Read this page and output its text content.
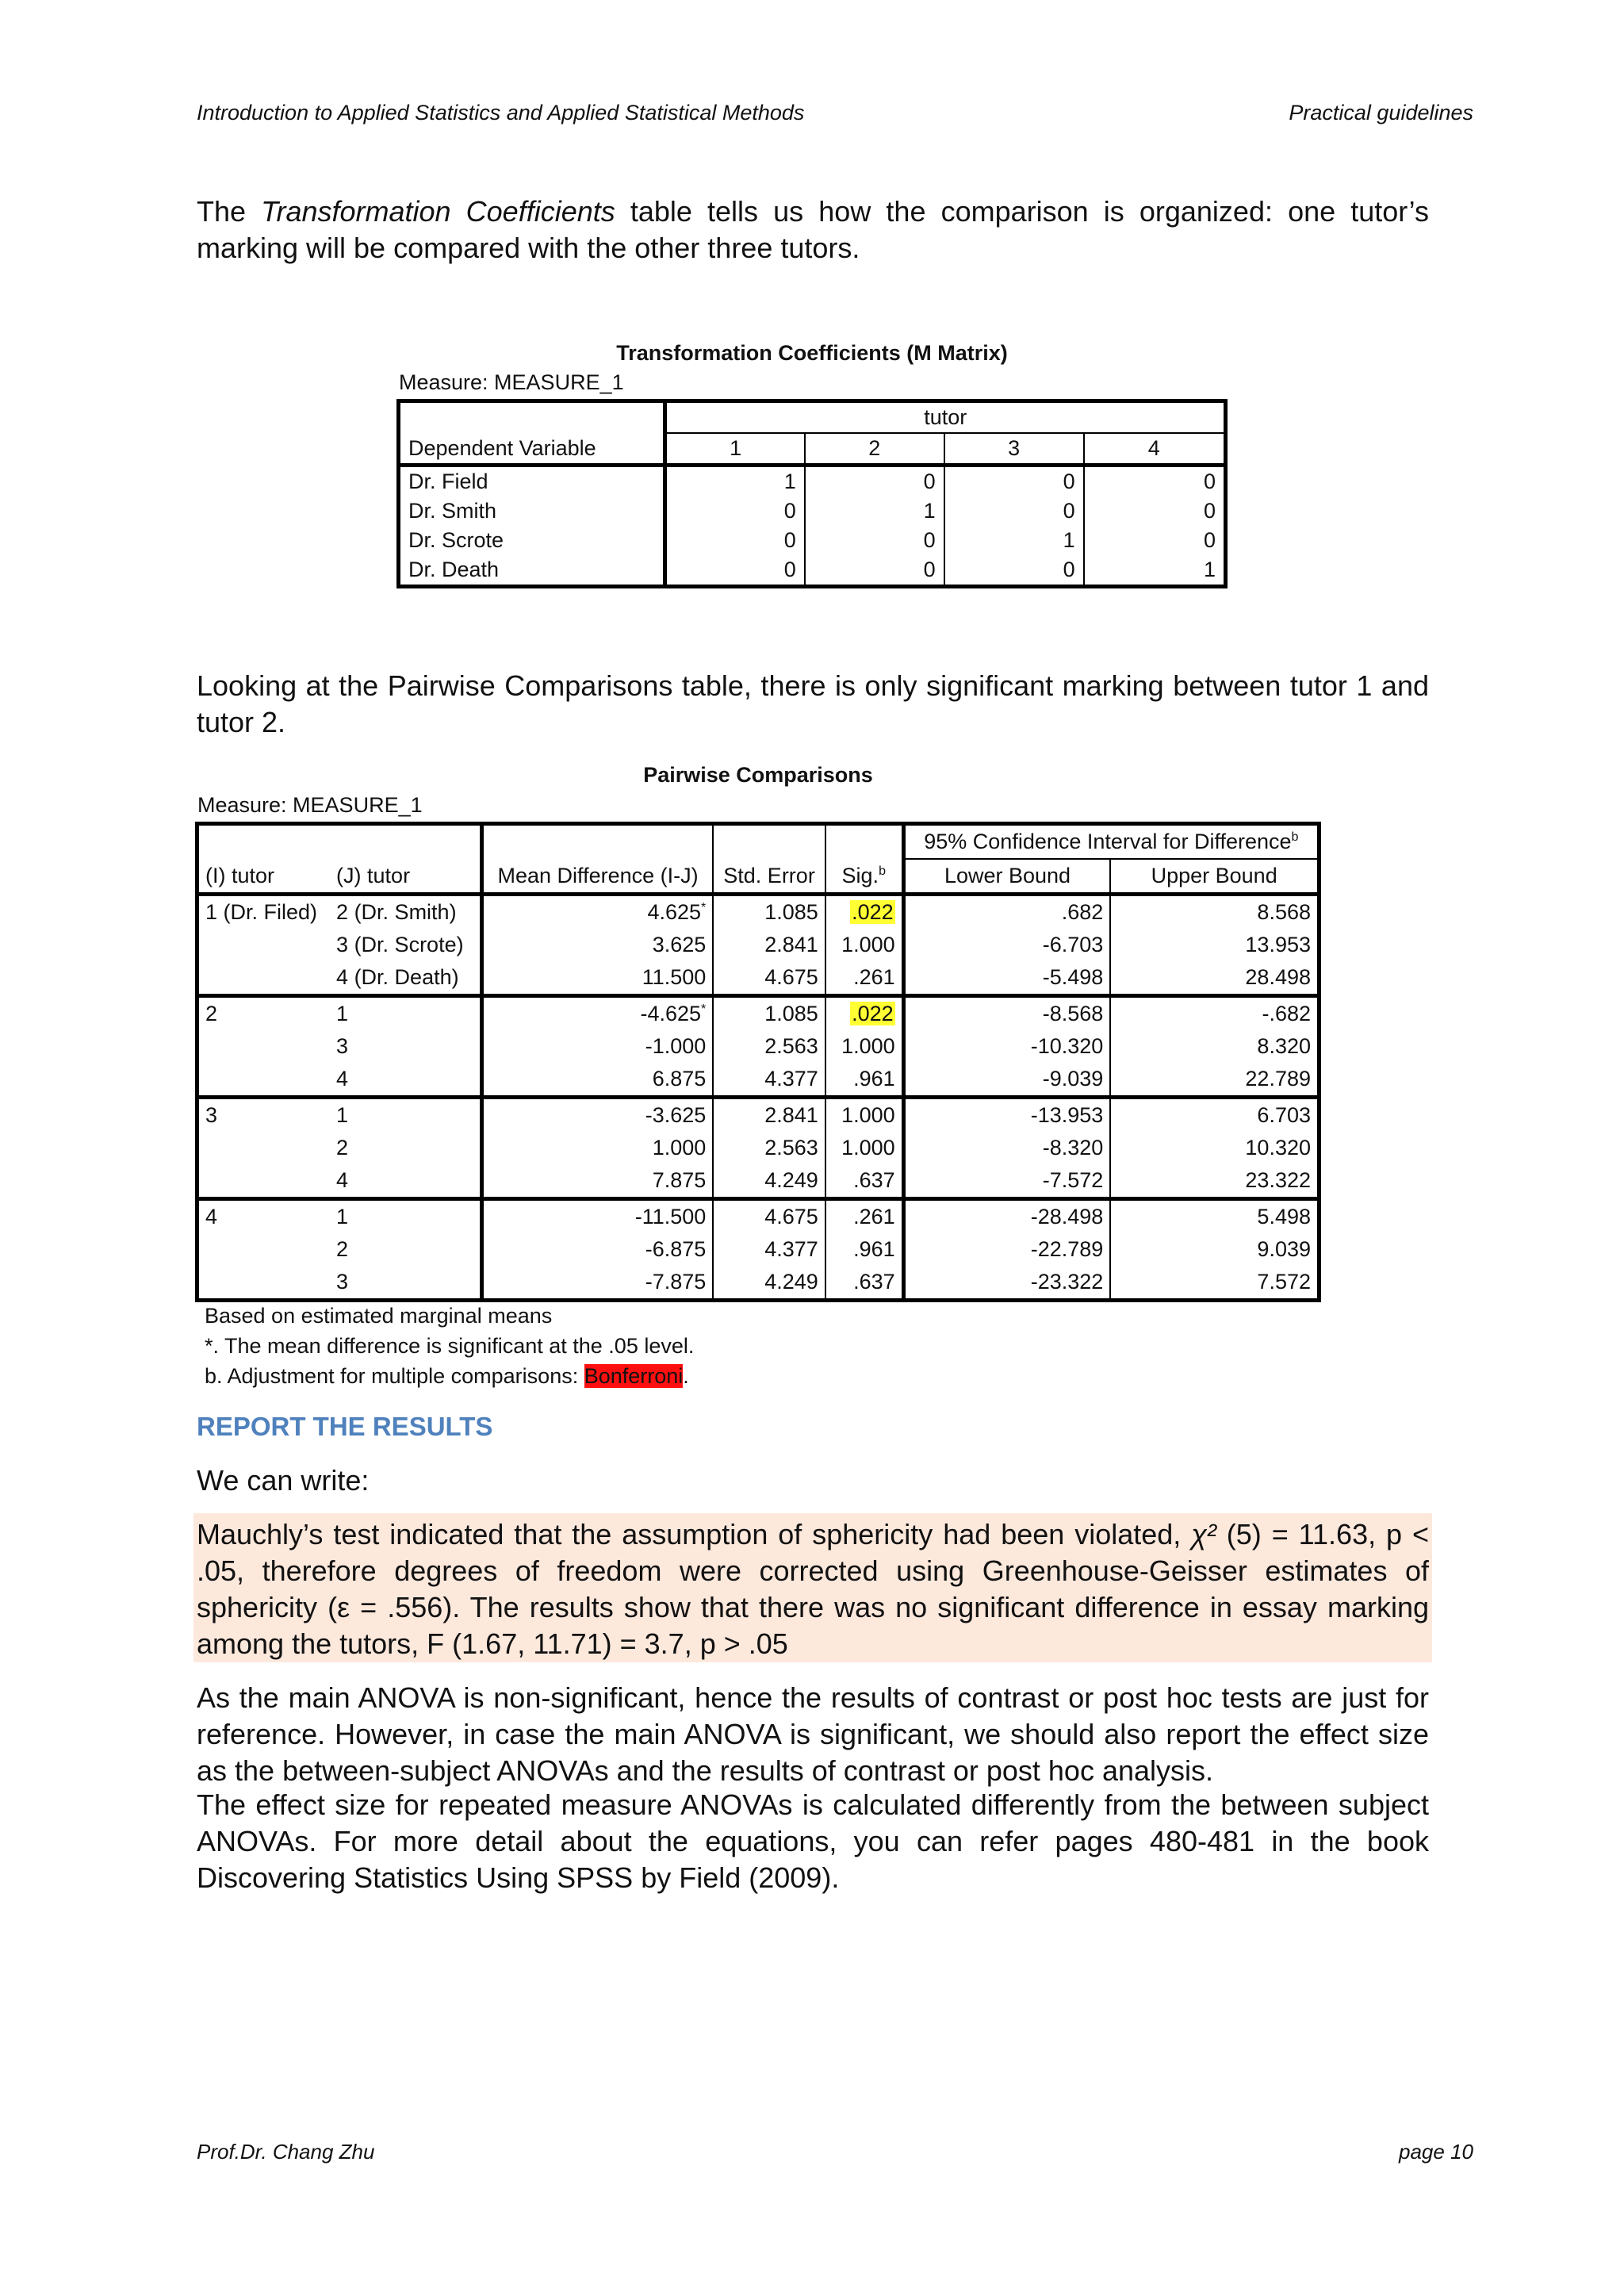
Introduction to Applied Statistics and Applied Statistical Methods	Practical guidelines
The Transformation Coefficients table tells us how the comparison is organized: one tutor’s marking will be compared with the other three tutors.
Transformation Coefficients (M Matrix)
Measure: MEASURE_1
	tutor			
Dependent Variable	1	2	3	4
Dr. Field	1	0	0	0
Dr. Smith	0	1	0	0
Dr. Scrote	0	0	1	0
Dr. Death	0	0	0	1
Looking at the Pairwise Comparisons table, there is only significant marking between tutor 1 and tutor 2.
Pairwise Comparisons
Measure: MEASURE_1
					95% Confidence Interval for Difference$^b$
(I) tutor	(J) tutor	Mean Difference (I-J)	Std. Error	Sig.$^b$	Lower Bound	Upper Bound
1 (Dr. Filed)	2 (Dr. Smith)	4.625*	1.085	.022	.682	8.568
	3 (Dr. Scrote)	3.625	2.841	1.000	-6.703	13.953
	4 (Dr. Death)	11.500	4.675	.261	-5.498	28.498
2	1	-4.625*	1.085	.022	-8.568	-.682
	3	-1.000	2.563	1.000	-10.320	8.320
	4	6.875	4.377	.961	-9.039	22.789
3	1	-3.625	2.841	1.000	-13.953	6.703
	2	1.000	2.563	1.000	-8.320	10.320
	4	7.875	4.249	.637	-7.572	23.322
4	1	-11.500	4.675	.261	-28.498	5.498
	2	-6.875	4.377	.961	-22.789	9.039
	3	-7.875	4.249	.637	-23.322	7.572
Based on estimated marginal means
*. The mean difference is significant at the .05 level.
b. Adjustment for multiple comparisons: Bonferroni.
REPORT THE RESULTS
We can write:
Mauchly’s test indicated that the assumption of sphericity had been violated, χ² (5) = 11.63, p < .05, therefore degrees of freedom were corrected using Greenhouse-Geisser estimates of sphericity (ε = .556). The results show that there was no significant difference in essay marking among the tutors, F (1.67, 11.71) = 3.7, p > .05
As the main ANOVA is non-significant, hence the results of contrast or post hoc tests are just for reference. However, in case the main ANOVA is significant, we should also report the effect size as the between-subject ANOVAs and the results of contrast or post hoc analysis.
The effect size for repeated measure ANOVAs is calculated differently from the between subject ANOVAs. For more detail about the equations, you can refer pages 480-481 in the book Discovering Statistics Using SPSS by Field (2009).
Prof.Dr. Chang Zhu	page 10
